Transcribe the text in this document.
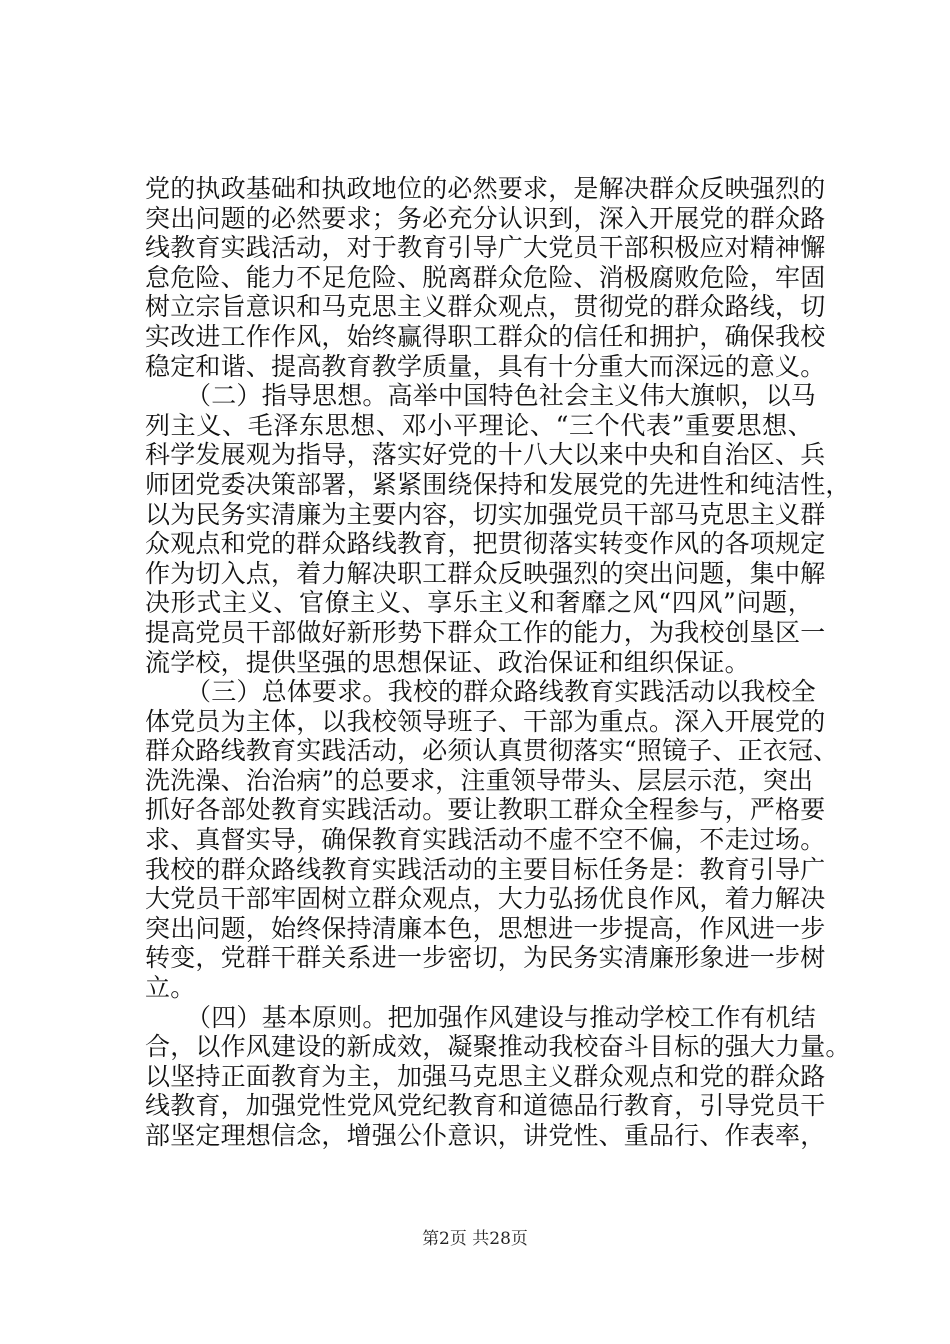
党的执政基础和执政地位的必然要求，是解决群众反映强烈的
突出问题的必然要求；务必充分认识到，深入开展党的群众路
线教育实践活动，对于教育引导广大党员干部积极应对精神懈
怠危险、能力不足危险、脱离群众危险、消极腐败危险，牢固
树立宗旨意识和马克思主义群众观点，贯彻党的群众路线，切
实改进工作作风，始终赢得职工群众的信任和拥护，确保我校
稳定和谐、提高教育教学质量，具有十分重大而深远的意义。
（二）指导思想。高举中国特色社会主义伟大旗帜，以马
列主义、毛泽东思想、邓小平理论、“三个代表”重要思想、
科学发展观为指导，落实好党的十八大以来中央和自治区、兵
师团党委决策部署，紧紧围绕保持和发展党的先进性和纯洁性，
以为民务实清廉为主要内容，切实加强党员干部马克思主义群
众观点和党的群众路线教育，把贯彻落实转变作风的各项规定
作为切入点，着力解决职工群众反映强烈的突出问题，集中解
决形式主义、官僚主义、享乐主义和奢靡之风“四风”问题，
提高党员干部做好新形势下群众工作的能力，为我校创垦区一
流学校，提供坚强的思想保证、政治保证和组织保证。
（三）总体要求。我校的群众路线教育实践活动以我校全
体党员为主体，以我校领导班子、干部为重点。深入开展党的
群众路线教育实践活动，必须认真贯彻落实“照镜子、正衣冠、
洗洗澡、治治病”的总要求，注重领导带头、层层示范，突出
抓好各部处教育实践活动。要让教职工群众全程参与，严格要
求、真督实导，确保教育实践活动不虚不空不偏，不走过场。
我校的群众路线教育实践活动的主要目标任务是：教育引导广
大党员干部牢固树立群众观点，大力弘扬优良作风，着力解决
突出问题，始终保持清廉本色，思想进一步提高，作风进一步
转变，党群干群关系进一步密切，为民务实清廉形象进一步树
立。
（四）基本原则。把加强作风建设与推动学校工作有机结
合，以作风建设的新成效，凝聚推动我校奋斗目标的强大力量。
以坚持正面教育为主，加强马克思主义群众观点和党的群众路
线教育，加强党性党风党纪教育和道德品行教育，引导党员干
部坚定理想信念，增强公仆意识，讲党性、重品行、作表率，
第2页 共28页
